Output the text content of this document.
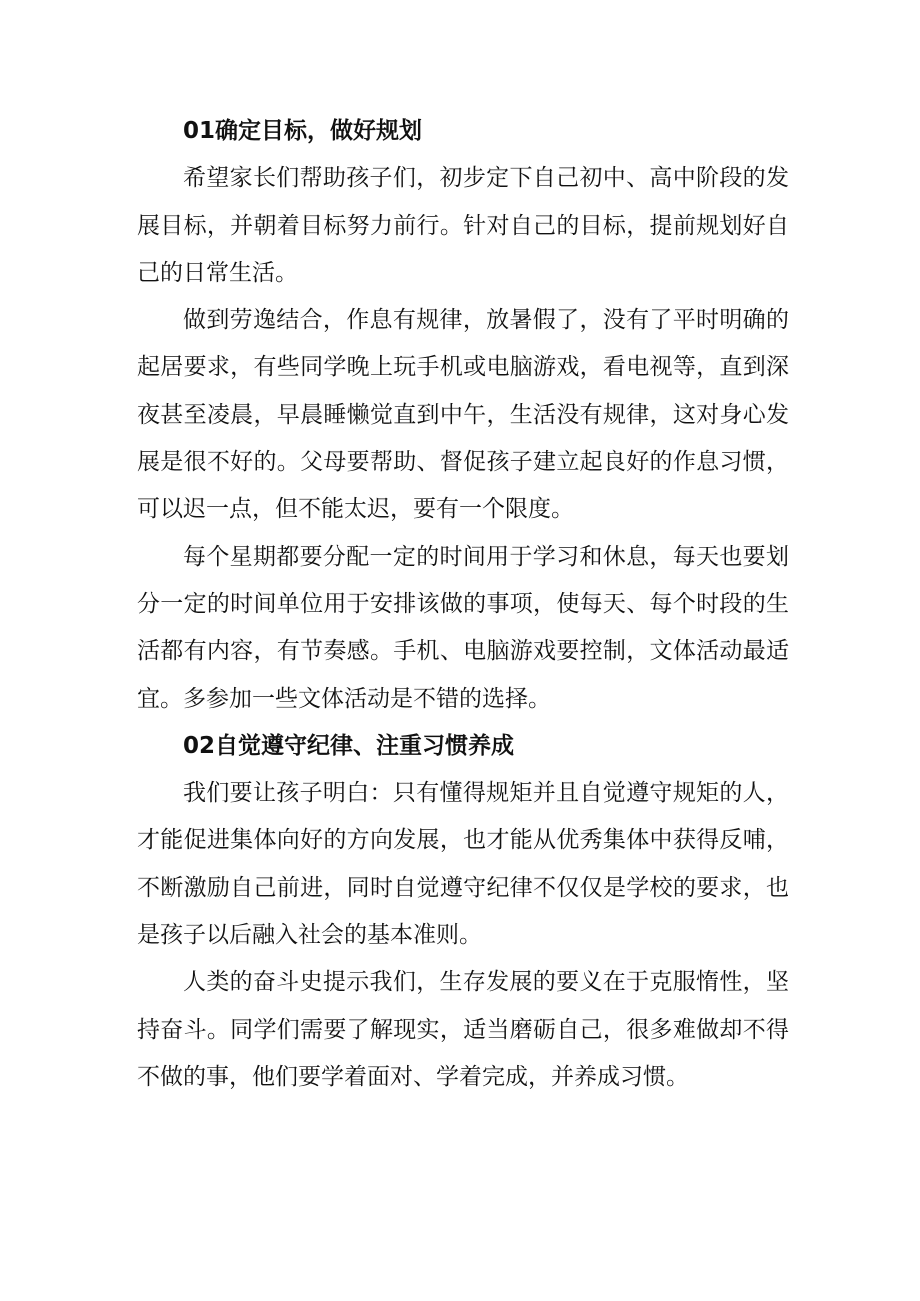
01确定目标，做好规划

希望家长们帮助孩子们，初步定下自己初中、高中阶段的发展目标，并朝着目标努力前行。针对自己的目标，提前规划好自己的日常生活。

做到劳逸结合，作息有规律，放暑假了，没有了平时明确的起居要求，有些同学晚上玩手机或电脑游戏，看电视等，直到深夜甚至凌晨，早晨睡懒觉直到中午，生活没有规律，这对身心发展是很不好的。父母要帮助、督促孩子建立起良好的作息习惯，可以迟一点，但不能太迟，要有一个限度。

每个星期都要分配一定的时间用于学习和休息，每天也要划分一定的时间单位用于安排该做的事项，使每天、每个时段的生活都有内容，有节奏感。手机、电脑游戏要控制，文体活动最适宜。多参加一些文体活动是不错的选择。

02自觉遵守纪律、注重习惯养成

我们要让孩子明白：只有懂得规矩并且自觉遵守规矩的人，才能促进集体向好的方向发展，也才能从优秀集体中获得反哺，不断激励自己前进，同时自觉遵守纪律不仅仅是学校的要求，也是孩子以后融入社会的基本准则。

人类的奋斗史提示我们，生存发展的要义在于克服惰性，坚持奋斗。同学们需要了解现实，适当磨砺自己，很多难做却不得不做的事，他们要学着面对、学着完成，并养成习惯。
